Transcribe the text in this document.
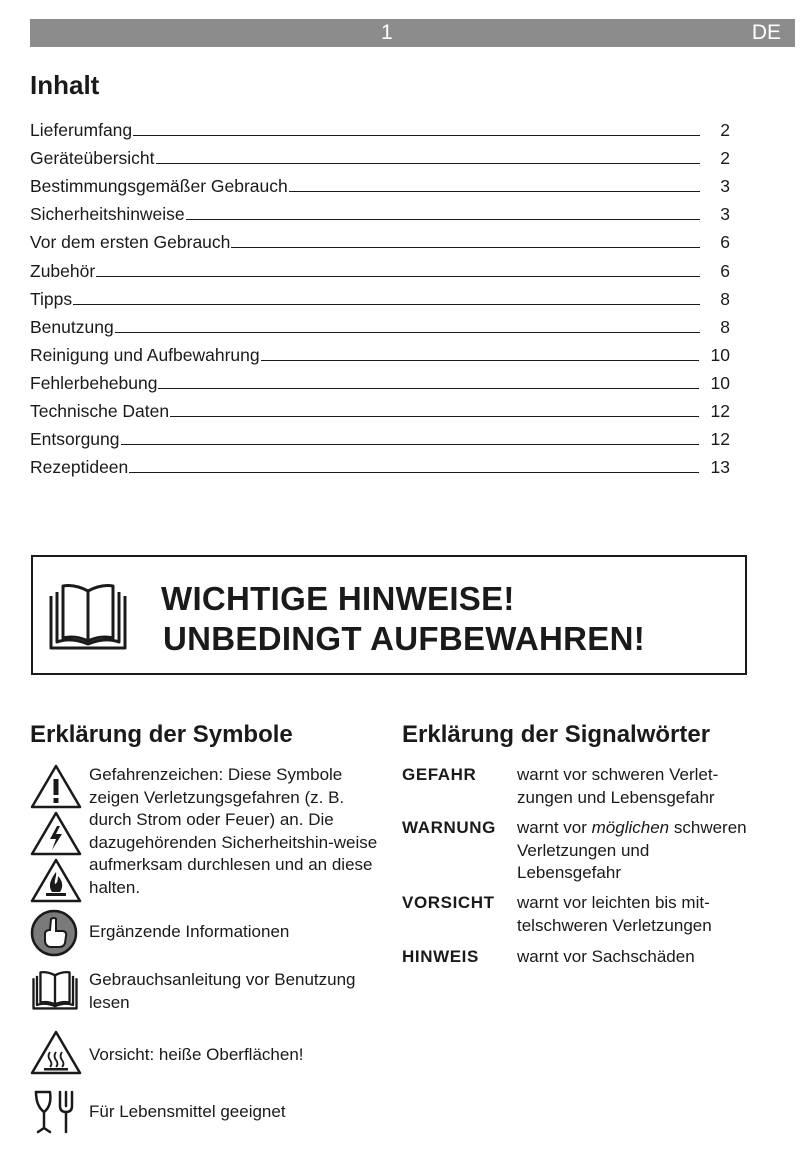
1	DE
Inhalt
Lieferumfang	2
Geräteübersicht	2
Bestimmungsgemäßer Gebrauch	3
Sicherheitshinweise	3
Vor dem ersten Gebrauch	6
Zubehör	6
Tipps	8
Benutzung	8
Reinigung und Aufbewahrung	10
Fehlerbehebung	10
Technische Daten	12
Entsorgung	12
Rezeptideen	13
WICHTIGE HINWEISE!
UNBEDINGT AUFBEWAHREN!
Erklärung der Symbole
Gefahrenzeichen: Diese Symbole zeigen Verletzungsgefahren (z. B. durch Strom oder Feuer) an. Die dazugehörenden Sicherheitshin-weise aufmerksam durchlesen und an diese halten.
Ergänzende Informationen
Gebrauchsanleitung vor Benutzung lesen
Vorsicht: heiße Oberflächen!
Für Lebensmittel geeignet
Erklärung der Signalwörter
GEFAHR warnt vor schweren Verlet-zungen und Lebensgefahr
WARNUNG warnt vor möglichen schweren Verletzungen und Lebensgefahr
VORSICHT warnt vor leichten bis mit-telschweren Verletzungen
HINWEIS warnt vor Sachschäden
